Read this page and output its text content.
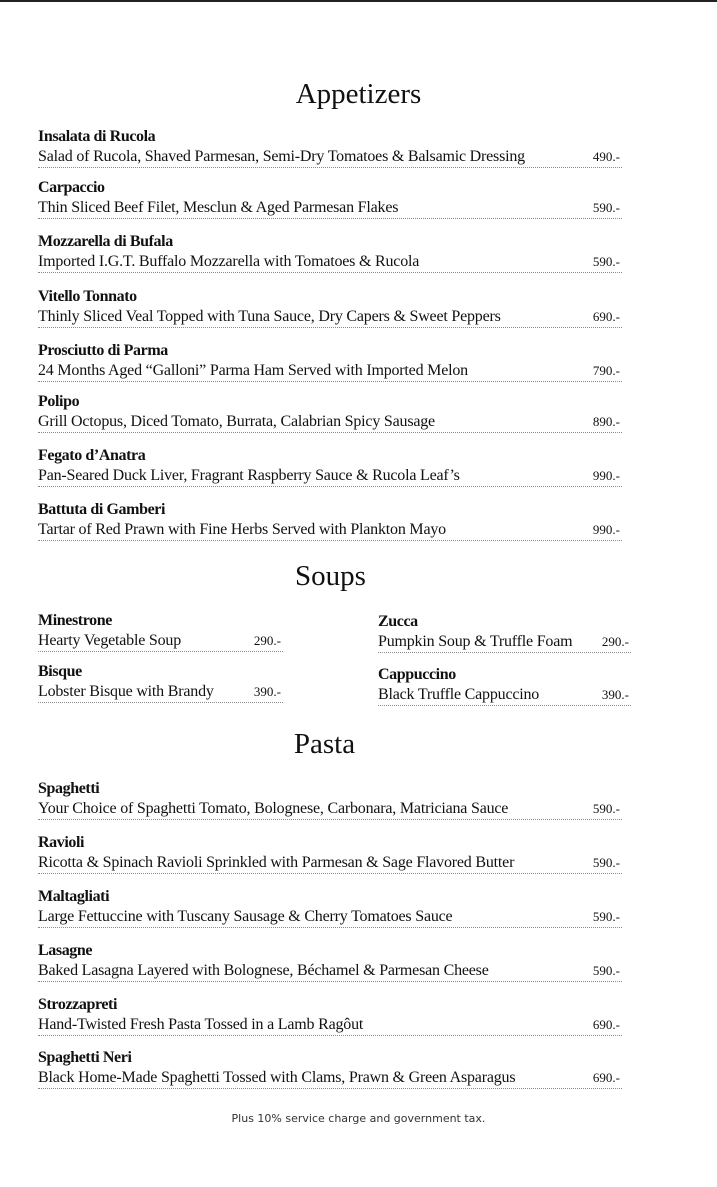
Appetizers
Insalata di Rucola
Salad of Rucola, Shaved Parmesan, Semi-Dry Tomatoes & Balsamic Dressing	490.-
Carpaccio
Thin Sliced Beef Filet, Mesclun & Aged Parmesan Flakes	590.-
Mozzarella di Bufala
Imported I.G.T. Buffalo Mozzarella with Tomatoes & Rucola	590.-
Vitello Tonnato
Thinly Sliced Veal Topped with Tuna Sauce, Dry Capers & Sweet Peppers	690.-
Prosciutto di Parma
24 Months Aged “Galloni” Parma Ham Served with Imported Melon	790.-
Polipo
Grill Octopus, Diced Tomato, Burrata, Calabrian Spicy Sausage	890.-
Fegato d’Anatra
Pan-Seared Duck Liver, Fragrant Raspberry Sauce & Rucola Leaf’s	990.-
Battuta di Gamberi
Tartar of Red Prawn with Fine Herbs Served with Plankton Mayo	990.-
Soups
Minestrone
Hearty Vegetable Soup	290.-
Zucca
Pumpkin Soup & Truffle Foam	290.-
Bisque
Lobster Bisque with Brandy	390.-
Cappuccino
Black Truffle Cappuccino	390.-
Pasta
Spaghetti
Your Choice of Spaghetti Tomato, Bolognese, Carbonara, Matriciana Sauce	590.-
Ravioli
Ricotta & Spinach Ravioli Sprinkled with Parmesan & Sage Flavored Butter	590.-
Maltagliati
Large Fettuccine with Tuscany Sausage & Cherry Tomatoes Sauce	590.-
Lasagne
Baked Lasagna Layered with Bolognese, Béchamel & Parmesan Cheese	590.-
Strozzapreti
Hand-Twisted Fresh Pasta Tossed in a Lamb Ragôut	690.-
Spaghetti Neri
Black Home-Made Spaghetti Tossed with Clams, Prawn & Green Asparagus	690.-
Plus 10% service charge and government tax.
